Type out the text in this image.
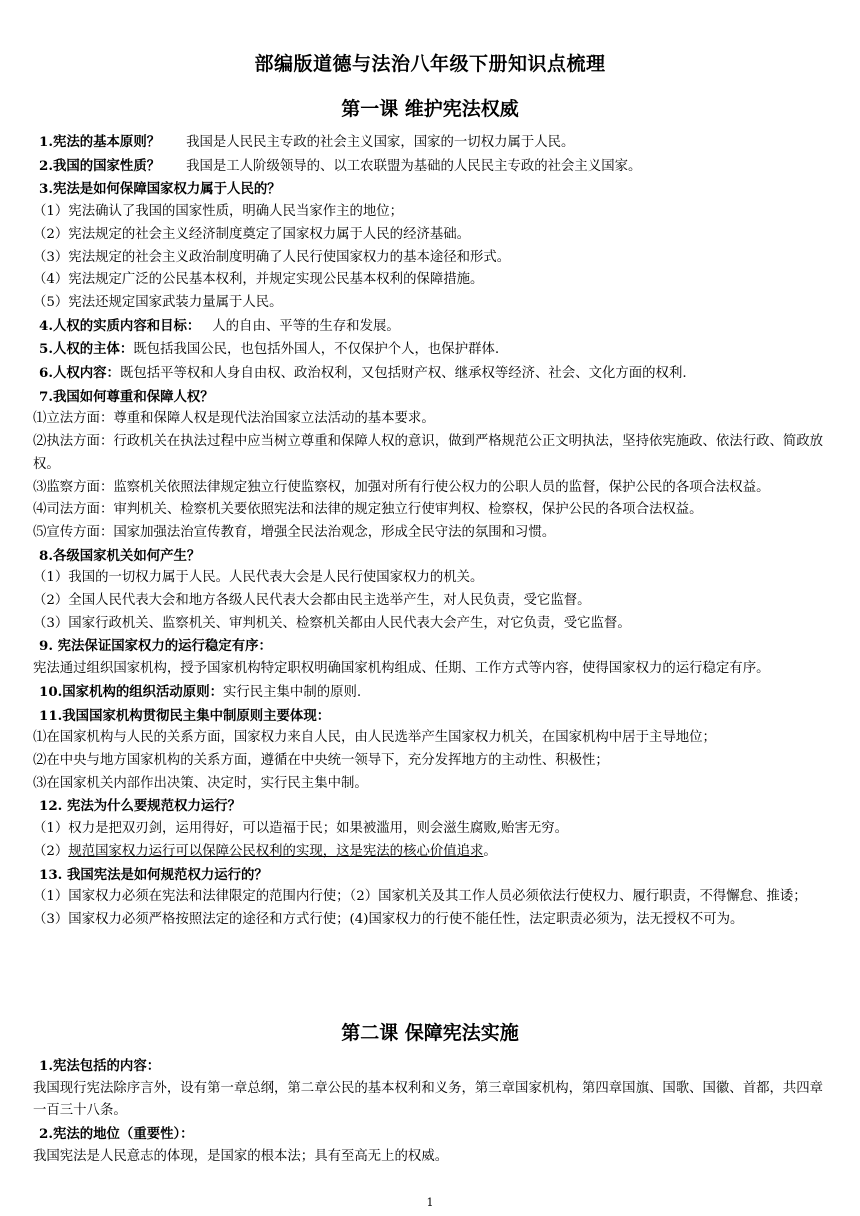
部编版道德与法治八年级下册知识点梳理
第一课 维护宪法权威

1.宪法的基本原则？ 我国是人民民主专政的社会主义国家，国家的一切权力属于人民。

2.我国的国家性质？ 我国是工人阶级领导的、以工农联盟为基础的人民民主专政的社会主义国家。

3.宪法是如何保障国家权力属于人民的？

（1）宪法确认了我国的国家性质，明确人民当家作主的地位；

（2）宪法规定的社会主义经济制度奠定了国家权力属于人民的经济基础。

（3）宪法规定的社会主义政治制度明确了人民行使国家权力的基本途径和形式。

（4）宪法规定广泛的公民基本权利，并规定实现公民基本权利的保障措施。

（5）宪法还规定国家武装力量属于人民。

4.人权的实质内容和目标： 人的自由、平等的生存和发展。

5.人权的主体：既包括我国公民，也包括外国人，不仅保护个人，也保护群体.

6.人权内容：既包括平等权和人身自由权、政治权利，又包括财产权、继承权等经济、社会、文化方面的权利.

7.我国如何尊重和保障人权？

⑴立法方面：尊重和保障人权是现代法治国家立法活动的基本要求。

⑵执法方面：行政机关在执法过程中应当树立尊重和保障人权的意识，做到严格规范公正文明执法，坚持依宪施政、依法行政、简政放权。

⑶监察方面：监察机关依照法律规定独立行使监察权，加强对所有行使公权力的公职人员的监督，保护公民的各项合法权益。

⑷司法方面：审判机关、检察机关要依照宪法和法律的规定独立行使审判权、检察权，保护公民的各项合法权益。

⑸宣传方面：国家加强法治宣传教育，增强全民法治观念，形成全民守法的氛围和习惯。

8.各级国家机关如何产生？

（1）我国的一切权力属于人民。人民代表大会是人民行使国家权力的机关。

（2）全国人民代表大会和地方各级人民代表大会都由民主选举产生，对人民负责，受它监督。

（3）国家行政机关、监察机关、审判机关、检察机关都由人民代表大会产生，对它负责，受它监督。

9. 宪法保证国家权力的运行稳定有序：

宪法通过组织国家机构，授予国家机构特定职权明确国家机构组成、任期、工作方式等内容，使得国家权力的运行稳定有序。

10.国家机构的组织活动原则：实行民主集中制的原则.

11.我国国家机构贯彻民主集中制原则主要体现：

⑴在国家机构与人民的关系方面，国家权力来自人民，由人民选举产生国家权力机关，在国家机构中居于主导地位；

⑵在中央与地方国家机构的关系方面，遵循在中央统一领导下，充分发挥地方的主动性、积极性；

⑶在国家机关内部作出决策、决定时，实行民主集中制。

12. 宪法为什么要规范权力运行？

（1）权力是把双刃剑，运用得好，可以造福于民；如果被滥用，则会滋生腐败,贻害无穷。

（2）规范国家权力运行可以保障公民权利的实现，这是宪法的核心价值追求。

13. 我国宪法是如何规范权力运行的？

（1）国家权力必须在宪法和法律限定的范围内行使；（2）国家机关及其工作人员必须依法行使权力、履行职责，不得懈怠、推诿；

（3）国家权力必须严格按照法定的途径和方式行使；(4)国家权力的行使不能任性，法定职责必须为，法无授权不可为。

第二课 保障宪法实施

1.宪法包括的内容：

我国现行宪法除序言外，设有第一章总纲，第二章公民的基本权利和义务，第三章国家机构，第四章国旗、国歌、国徽、首都，共四章一百三十八条。

2.宪法的地位（重要性）：

我国宪法是人民意志的体现，是国家的根本法；具有至高无上的权威。

1
